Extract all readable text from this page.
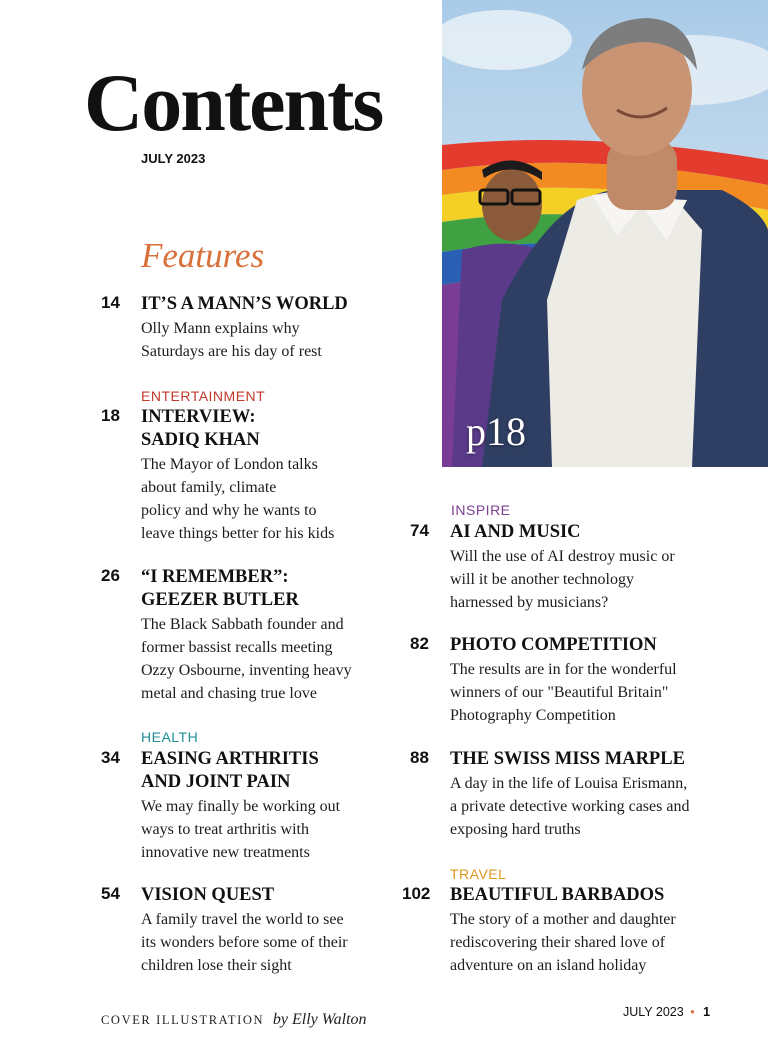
Contents
JULY 2023
Features
p18
14 IT’S A MANN’S WORLD
Olly Mann explains why
Saturdays are his day of rest
ENTERTAINMENT
18 INTERVIEW:
SADIQ KHAN
The Mayor of London talks
about family, climate
policy and why he wants to
leave things better for his kids
26 “I REMEMBER”:
GEEZER BUTLER
The Black Sabbath founder and
former bassist recalls meeting
Ozzy Osbourne, inventing heavy
metal and chasing true love
HEALTH
34 EASING ARTHRITIS
AND JOINT PAIN
We may finally be working out
ways to treat arthritis with
innovative new treatments
54 VISION QUEST
A family travel the world to see
its wonders before some of their
children lose their sight
INSPIRE
74 AI AND MUSIC
Will the use of AI destroy music or
will it be another technology
harnessed by musicians?
82 PHOTO COMPETITION
The results are in for the wonderful
winners of our "Beautiful Britain"
Photography Competition
88 THE SWISS MISS MARPLE
A day in the life of Louisa Erismann,
a private detective working cases and
exposing hard truths
TRAVEL
102 BEAUTIFUL BARBADOS
The story of a mother and daughter
rediscovering their shared love of
adventure on an island holiday
COVER ILLUSTRATION by Elly Walton	JULY 2023 • 1
